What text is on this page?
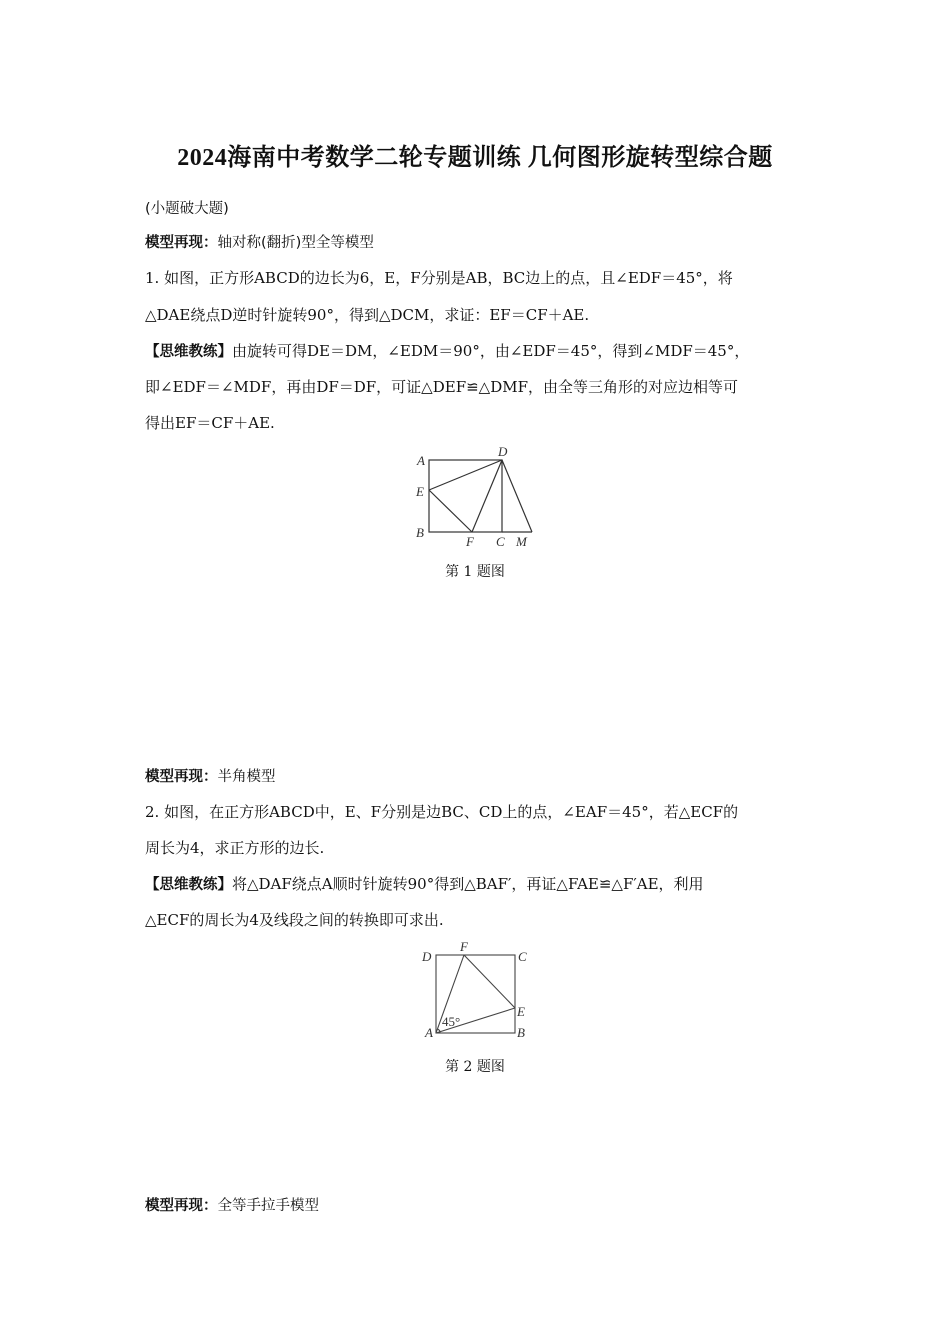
2024海南中考数学二轮专题训练 几何图形旋转型综合题
(小题破大题)
模型再现：轴对称(翻折)型全等模型
1. 如图，正方形ABCD的边长为6，E，F分别是AB，BC边上的点，且∠EDF＝45°，将
△DAE绕点D逆时针旋转90°，得到△DCM，求证：EF＝CF＋AE.
【思维教练】由旋转可得DE＝DM，∠EDM＝90°，由∠EDF＝45°，得到∠MDF＝45°，
即∠EDF＝∠MDF，再由DF＝DF，可证△DEF≌△DMF，由全等三角形的对应边相等可
得出EF＝CF＋AE.
A
D
E
B
F C M
第 1 题图
模型再现：半角模型
2. 如图，在正方形ABCD中，E、F分别是边BC、CD上的点，∠EAF＝45°，若△ECF的
周长为4，求正方形的边长.
【思维教练】将△DAF绕点A顺时针旋转90°得到△BAF′，再证△FAE≌△F′AE，利用
△ECF的周长为4及线段之间的转换即可求出.
D
F
C
E
A	B
45°
第 2 题图
模型再现：全等手拉手模型
